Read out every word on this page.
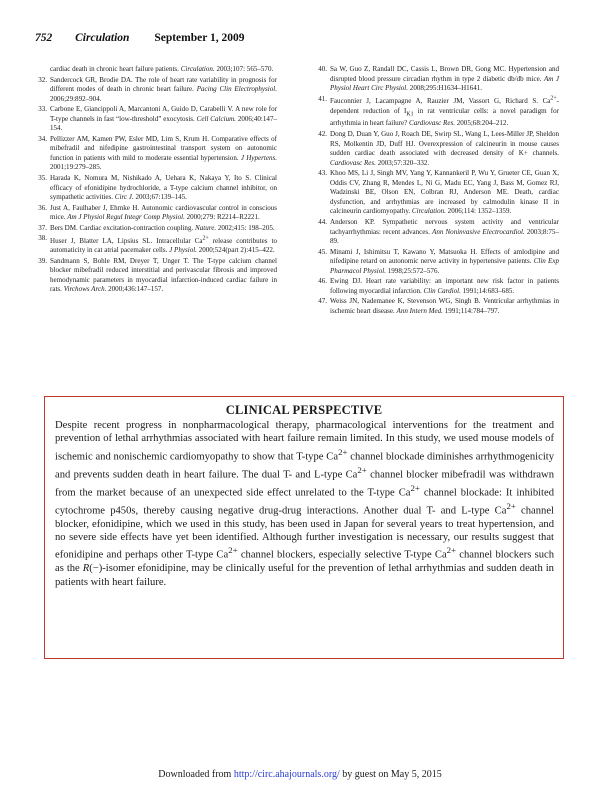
752 Circulation September 1, 2009
cardiac death in chronic heart failure patients. Circulation. 2003;107: 565–570.
32. Sandercock GR, Brodie DA. The role of heart rate variability in prognosis for different modes of death in chronic heart failure. Pacing Clin Electrophysiol. 2006;29:892–904.
33. Carbone E, Giancippoli A, Marcantoni A, Guido D, Carabelli V. A new role for T-type channels in fast “low-threshold” exocytosis. Cell Calcium. 2006;40:147–154.
34. Pellizzer AM, Kamen PW, Esler MD, Lim S, Krum H. Comparative effects of mibefradil and nifedipine gastrointestinal transport system on autonomic function in patients with mild to moderate essential hypertension. J Hypertens. 2001;19:279–285.
35. Harada K, Nomura M, Nishikado A, Uehara K, Nakaya Y, Ito S. Clinical efficacy of efonidipine hydrochloride, a T-type calcium channel inhibitor, on sympathetic activities. Circ J. 2003;67:139–145.
36. Just A, Faulhaber J, Ehmke H. Autonomic cardiovascular control in conscious mice. Am J Physiol Regul Integr Comp Physiol. 2000;279: R2214–R2221.
37. Bers DM. Cardiac excitation-contraction coupling. Nature. 2002;415: 198–205.
38. Huser J, Blatter LA, Lipsius SL. Intracellular $Ca^{2+}$ release contributes to automaticity in cat atrial pacemaker cells. J Physiol. 2000;524(part 2):415–422.
39. Sandmann S, Bohle RM, Dreyer T, Unger T. The T-type calcium channel blocker mibefradil reduced interstitial and perivascular fibrosis and improved hemodynamic parameters in myocardial infarction-induced cardiac failure in rats. Virchows Arch. 2000;436:147–157.
40. Sa W, Guo Z, Randall DC, Cassis L, Brown DR, Gong MC. Hypertension and disrupted blood pressure circadian rhythm in type 2 diabetic db/db mice. Am J Physiol Heart Circ Physiol. 2008;295:H1634–H1641.
41. Fauconnier J, Lacampagne A, Rauzier JM, Vassort G, Richard S. $Ca^{2+}$-dependent reduction of $I_{K1}$ in rat ventricular cells: a novel paradigm for arrhythmia in heart failure? Cardiovasc Res. 2005;68:204–212.
42. Dong D, Duan Y, Guo J, Roach DE, Swirp SL, Wang L, Lees-Miller JP, Sheldon RS, Molkentin JD, Duff HJ. Overexpression of calcineurin in mouse causes sudden cardiac death associated with decreased density of K+ channels. Cardiovasc Res. 2003;57:320–332.
43. Khoo MS, Li J, Singh MV, Yang Y, Kannankeril P, Wu Y, Grueter CE, Guan X, Oddis CV, Zhang R, Mendes L, Ni G, Madu EC, Yang J, Bass M, Gomez RJ, Wadzinski BE, Olson EN, Colbran RJ, Anderson ME. Death, cardiac dysfunction, and arrhythmias are increased by calmodulin kinase II in calcineurin cardiomyopathy. Circulation. 2006;114: 1352–1359.
44. Anderson KP. Sympathetic nervous system activity and ventricular tachyarrhythmias: recent advances. Ann Noninvasive Electrocardiol. 2003;8:75–89.
45. Minami J, Ishimitsu T, Kawano Y, Matsuoka H. Effects of amlodipine and nifedipine retard on autonomic nerve activity in hypertensive patients. Clin Exp Pharmacol Physiol. 1998;25:572–576.
46. Ewing DJ. Heart rate variability: an important new risk factor in patients following myocardial infarction. Clin Cardiol. 1991;14:683–685.
47. Weiss JN, Nademanee K, Stevenson WG, Singh B. Ventricular arrhythmias in ischemic heart disease. Ann Intern Med. 1991;114:784–797.
CLINICAL PERSPECTIVE
Despite recent progress in nonpharmacological therapy, pharmacological interventions for the treatment and prevention of lethal arrhythmias associated with heart failure remain limited. In this study, we used mouse models of ischemic and nonischemic cardiomyopathy to show that T-type $Ca^{2+}$ channel blockade diminishes arrhythmogenicity and prevents sudden death in heart failure. The dual T- and L-type $Ca^{2+}$ channel blocker mibefradil was withdrawn from the market because of an unexpected side effect unrelated to the T-type $Ca^{2+}$ channel blockade: It inhibited cytochrome p450s, thereby causing negative drug-drug interactions. Another dual T- and L-type $Ca^{2+}$ channel blocker, efonidipine, which we used in this study, has been used in Japan for several years to treat hypertension, and no severe side effects have yet been identified. Although further investigation is necessary, our results suggest that efonidipine and perhaps other T-type $Ca^{2+}$ channel blockers, especially selective T-type $Ca^{2+}$ channel blockers such as the R(−)-isomer efonidipine, may be clinically useful for the prevention of lethal arrhythmias and sudden death in patients with heart failure.
Downloaded from http://circ.ahajournals.org/ by guest on May 5, 2015
